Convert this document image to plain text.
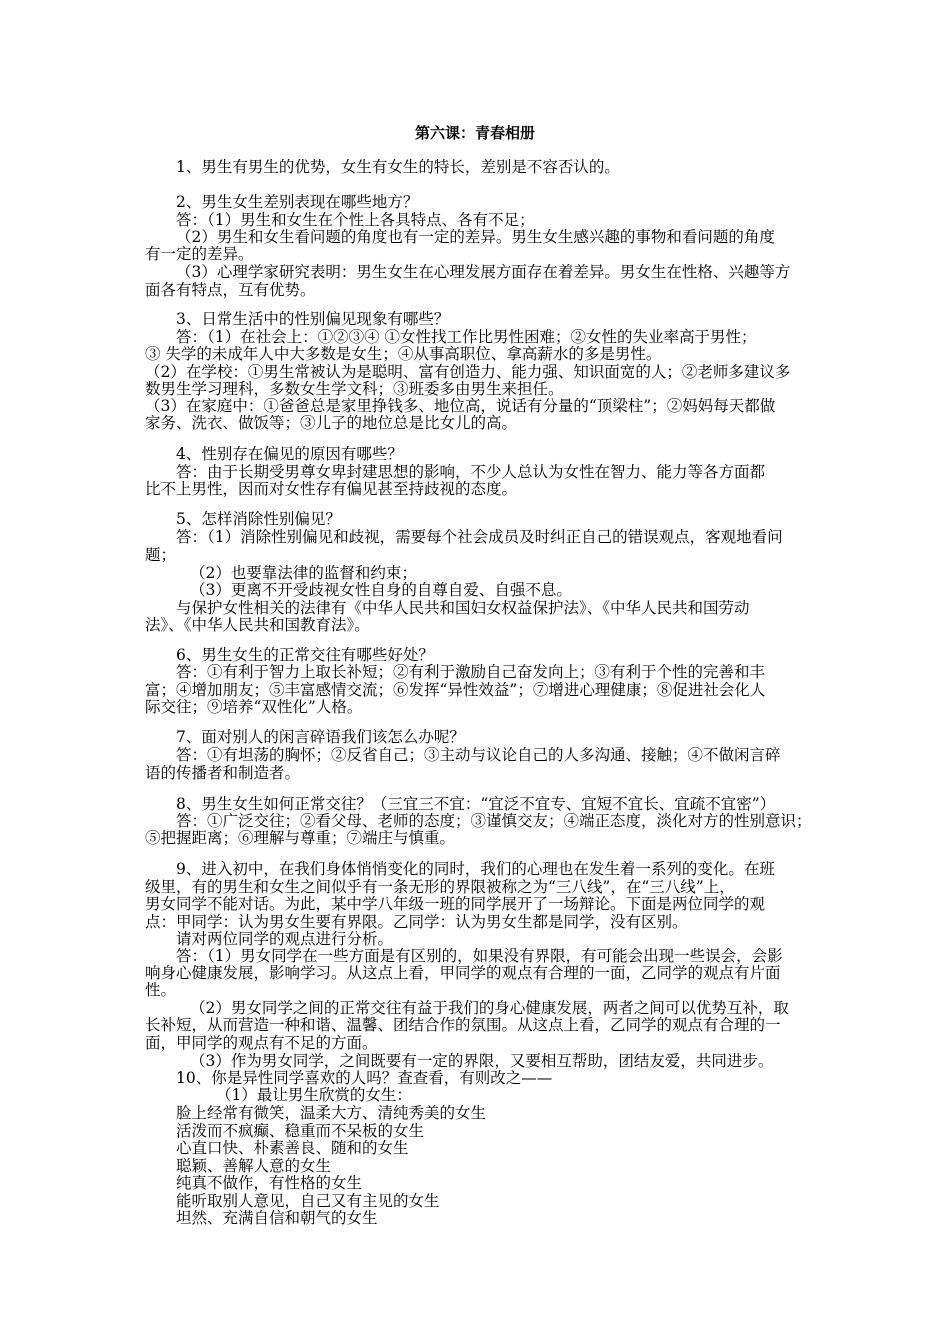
第六课：青春相册
1、男生有男生的优势，女生有女生的特长，差别是不容否认的。
2、男生女生差别表现在哪些地方？
答：（1）男生和女生在个性上各具特点、各有不足；
（2）男生和女生看问题的角度也有一定的差异。男生女生感兴趣的事物和看问题的角度
有一定的差异。
（3）心理学家研究表明：男生女生在心理发展方面存在着差异。男女生在性格、兴趣等方
面各有特点，互有优势。
3、日常生活中的性别偏见现象有哪些？
答：（1）在社会上：①②③④ ①女性找工作比男性困难；②女性的失业率高于男性；
③ 失学的未成年人中大多数是女生；④从事高职位、拿高薪水的多是男性。
（2）在学校：①男生常被认为是聪明、富有创造力、能力强、知识面宽的人；②老师多建议多
数男生学习理科，多数女生学文科；③班委多由男生来担任。
（3）在家庭中：①爸爸总是家里挣钱多、地位高，说话有分量的“顶梁柱”；②妈妈每天都做
家务、洗衣、做饭等；③儿子的地位总是比女儿的高。
4、性别存在偏见的原因有哪些？
答：由于长期受男尊女卑封建思想的影响，不少人总认为女性在智力、能力等各方面都
比不上男性，因而对女性存有偏见甚至持歧视的态度。
5、怎样消除性别偏见？
答：（1）消除性别偏见和歧视，需要每个社会成员及时纠正自己的错误观点，客观地看问
题；
（2）也要靠法律的监督和约束；
（3）更离不开受歧视女性自身的自尊自爱、自强不息。
与保护女性相关的法律有《中华人民共和国妇女权益保护法》、《中华人民共和国劳动
法》、《中华人民共和国教育法》。
6、男生女生的正常交往有哪些好处？
答：①有利于智力上取长补短；②有利于激励自己奋发向上；③有利于个性的完善和丰
富；④增加朋友；⑤丰富感情交流；⑥发挥“异性效益”；⑦增进心理健康；⑧促进社会化人
际交往；⑨培养“双性化”人格。
7、面对别人的闲言碎语我们该怎么办呢？
答：①有坦荡的胸怀；②反省自己；③主动与议论自己的人多沟通、接触；④不做闲言碎
语的传播者和制造者。
8、男生女生如何正常交往？（三宜三不宜：“宜泛不宜专、宜短不宜长、宜疏不宜密”）
答：①广泛交往；②看父母、老师的态度；③谨慎交友；④端正态度，淡化对方的性别意识；
⑤把握距离；⑥理解与尊重；⑦端庄与慎重。
9、进入初中，在我们身体悄悄变化的同时，我们的心理也在发生着一系列的变化。在班
级里，有的男生和女生之间似乎有一条无形的界限被称之为“三八线”，在“三八线”上，
男女同学不能对话。为此，某中学八年级一班的同学展开了一场辩论。下面是两位同学的观
点：甲同学：认为男女生要有界限。乙同学：认为男女生都是同学，没有区别。
请对两位同学的观点进行分析。
答：（1）男女同学在一些方面是有区别的，如果没有界限，有可能会出现一些误会，会影
响身心健康发展，影响学习。从这点上看，甲同学的观点有合理的一面，乙同学的观点有片面
性。
（2）男女同学之间的正常交往有益于我们的身心健康发展，两者之间可以优势互补，取
长补短，从而营造一种和谐、温馨、团结合作的氛围。从这点上看，乙同学的观点有合理的一
面，甲同学的观点有不足的方面。
（3）作为男女同学，之间既要有一定的界限，又要相互帮助，团结友爱，共同进步。
10、你是异性同学喜欢的人吗？查查看，有则改之——
（1）最让男生欣赏的女生：
脸上经常有微笑，温柔大方、清纯秀美的女生
活泼而不疯癫、稳重而不呆板的女生
心直口快、朴素善良、随和的女生
聪颖、善解人意的女生
纯真不做作，有性格的女生
能听取别人意见，自己又有主见的女生
坦然、充满自信和朝气的女生
